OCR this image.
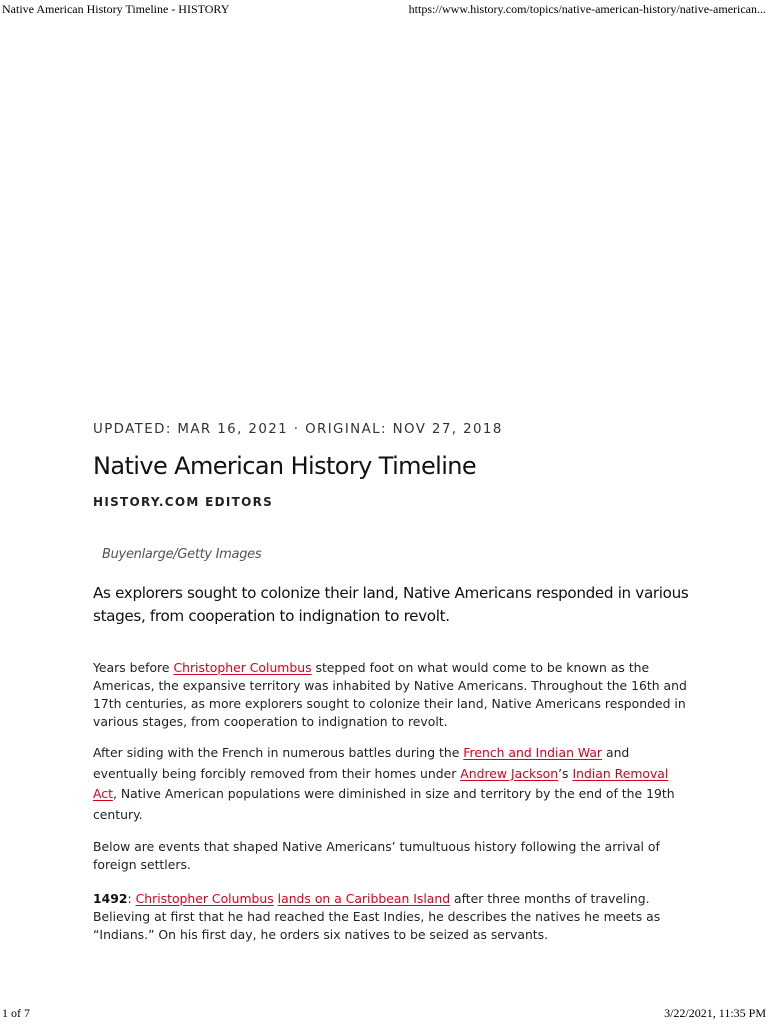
Native American History Timeline - HISTORY	https://www.history.com/topics/native-american-history/native-american...

UPDATED: MAR 16, 2021 · ORIGINAL: NOV 27, 2018

Native American History Timeline

HISTORY.COM EDITORS

Buyenlarge/Getty Images

As explorers sought to colonize their land, Native Americans responded in various stages, from cooperation to indignation to revolt.

Years before Christopher Columbus stepped foot on what would come to be known as the Americas, the expansive territory was inhabited by Native Americans. Throughout the 16th and 17th centuries, as more explorers sought to colonize their land, Native Americans responded in various stages, from cooperation to indignation to revolt.

After siding with the French in numerous battles during the French and Indian War and eventually being forcibly removed from their homes under Andrew Jackson’s Indian Removal Act, Native American populations were diminished in size and territory by the end of the 19th century.

Below are events that shaped Native Americans’ tumultuous history following the arrival of foreign settlers.

1492: Christopher Columbus lands on a Caribbean Island after three months of traveling. Believing at first that he had reached the East Indies, he describes the natives he meets as “Indians.” On his first day, he orders six natives to be seized as servants.

1 of 7	3/22/2021, 11:35 PM
